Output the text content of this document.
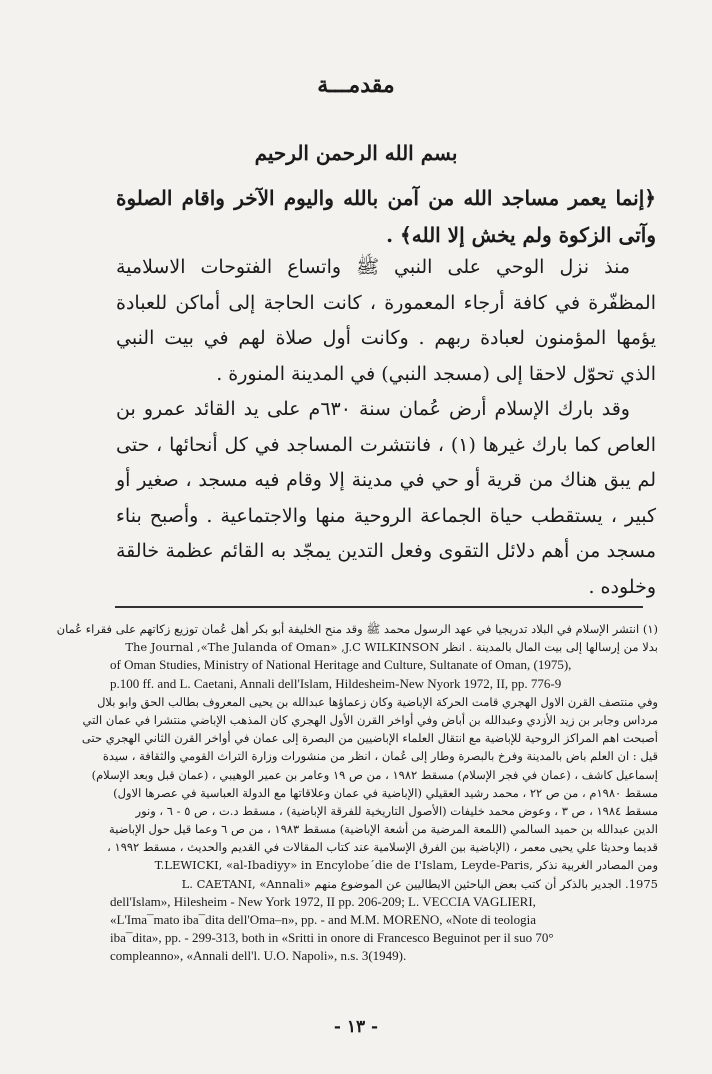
مقدمـــة
بسم الله الرحمن الرحيم
﴿إنما يعمر مساجد الله من آمن بالله واليوم الآخر واقام الصلوة وآتى الزكوة ولم يخش إلا الله﴾ .

منذ نزل الوحي على النبي ﷺ واتساع الفتوحات الاسلامية المظفّرة في كافة أرجاء المعمورة ، كانت الحاجة إلى أماكن للعبادة يؤمها المؤمنون لعبادة ربهم . وكانت أول صلاة لهم في بيت النبي الذي تحوّل لاحقا إلى (مسجد النبي) في المدينة المنورة .

وقد بارك الإسلام أرض عُمان سنة ٦٣٠م على يد القائد عمرو بن العاص كما بارك غيرها (١) ، فانتشرت المساجد في كل أنحائها ، حتى لم يبق هناك من قرية أو حي في مدينة إلا وقام فيه مسجد ، صغير أو كبير ، يستقطب حياة الجماعة الروحية منها والاجتماعية . وأصبح بناء مسجد من أهم دلائل التقوى وفعل التدين يمجّد به القائم عظمة خالقة وخلوده .

(١) انتشر الإسلام في البلاد تدريجيا في عهد الرسول محمد ﷺ وقد منح الخليفة أبو بكر أهل عُمان توزيع زكاتهم على فقراء عُمان
بدلا من إرسالها إلى بيت المال بالمدينة . انظر The Journal ,«The Julanda of Oman» ,J.C WILKINSON
of Oman Studies, Ministry of National Heritage and Culture, Sultanate of Oman, (1975),
p.100 ff. and L. Caetani, Annali dell'Islam, Hildesheim-New Nyork 1972, II, pp. 776-9
وفي منتصف القرن الاول الهجري قامت الحركة الإباضية وكان زعماؤها عبدالله بن يحيى المعروف بطالب الحق وابو بلال
مرداس وجابر بن زيد الأزدي وعبدالله بن أباض وفي أواخر القرن الأول الهجري كان المذهب الإباضي منتشرا في عمان التي
أصبحت اهم المراكز الروحية للإباضية مع انتقال العلماء الإباضيين من البصرة إلى عمان في أواخر القرن الثاني الهجري حتى
قيل : ان العلم باض بالمدينة وفرخ بالبصرة وطار إلى عُمان ، انظر من منشورات وزارة التراث القومي والثقافة ، سيدة
إسماعيل كاشف ، (عمان في فجر الإسلام) مسقط ١٩٨٢ ، من ص ١٩ وعامر بن عمير الوهيبي ، (عمان قبل وبعد الإسلام)
مسقط ١٩٨٠م ، من ص ٢٢ ، محمد رشيد العقيلي (الإباضية في عمان وعلاقاتها مع الدولة العباسية في عصرها الاول)
مسقط ١٩٨٤ ، ص ٣ ، وعوض محمد خليفات (الأصول التاريخية للفرقة الإباضية) ، مسقط د.ت ، ص ٥ - ٦ ، ونور
الدين عبدالله بن حميد السالمي (اللمعة المرضية من أشعة الإباضية) مسقط ١٩٨٣ ، من ص ٦ وعما قيل حول الإباضية
قديما وحديثا علي يحيى معمر ، (الإباضية بين الفرق الإسلامية عند كتاب المقالات في القديم والحديث ، مسقط ١٩٩٢ ،
ومن المصادر الغربية نذكر ,T.LEWICKI, «al-Ibadiyy» in Encylobe´die de I'Islam, Leyde-Paris
1975. الجدير بالذكر أن كتب بعض الباحثين الايطاليين عن الموضوع منهم «L. CAETANI, «Annali
dell'Islam», Hilesheim - New York 1972, II pp. 206-209; L. VECCIA VAGLIERI,
«L'Ima¯mato iba¯dita dell'Oma–n», pp. - and M.M. MORENO, «Note di teologia
iba¯dita», pp. - 299-313, both in «Sritti in onore di Francesco Beguinot per il suo 70°
compleanno», «Annali dell'l. U.O. Napoli», n.s. 3(1949).
- ١٣ -
